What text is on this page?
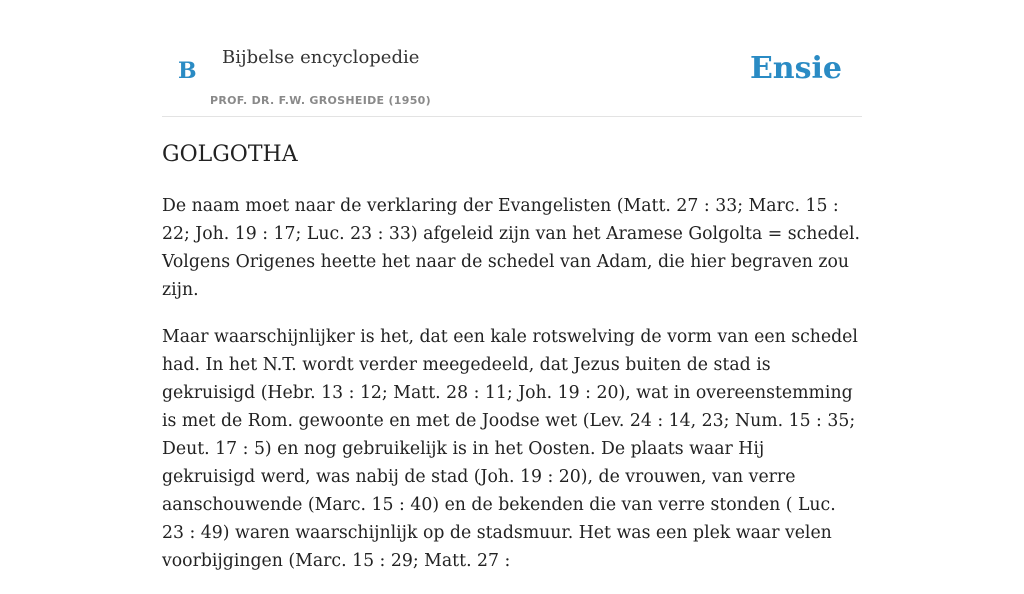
B
Bijbelse encyclopedie
PROF. DR. F.W. GROSHEIDE (1950)
Ensie
GOLGOTHA

De naam moet naar de verklaring der Evangelisten (Matt. 27 : 33; Marc. 15 : 22; Joh. 19 : 17; Luc. 23 : 33) afgeleid zijn van het Aramese Golgolta = schedel. Volgens Origenes heette het naar de schedel van Adam, die hier begraven zou zijn.

Maar waarschijnlijker is het, dat een kale rotswelving de vorm van een schedel had. In het N.T. wordt verder meegedeeld, dat Jezus buiten de stad is gekruisigd (Hebr. 13 : 12; Matt. 28 : 11; Joh. 19 : 20), wat in overeenstemming is met de Rom. gewoonte en met de Joodse wet (Lev. 24 : 14, 23; Num. 15 : 35; Deut. 17 : 5) en nog gebruikelijk is in het Oosten. De plaats waar Hij gekruisigd werd, was nabij de stad (Joh. 19 : 20), de vrouwen, van verre aanschouwende (Marc. 15 : 40) en de bekenden die van verre stonden ( Luc. 23 : 49) waren waarschijnlijk op de stadsmuur. Het was een plek waar velen voorbijgingen (Marc. 15 : 29; Matt. 27 :
